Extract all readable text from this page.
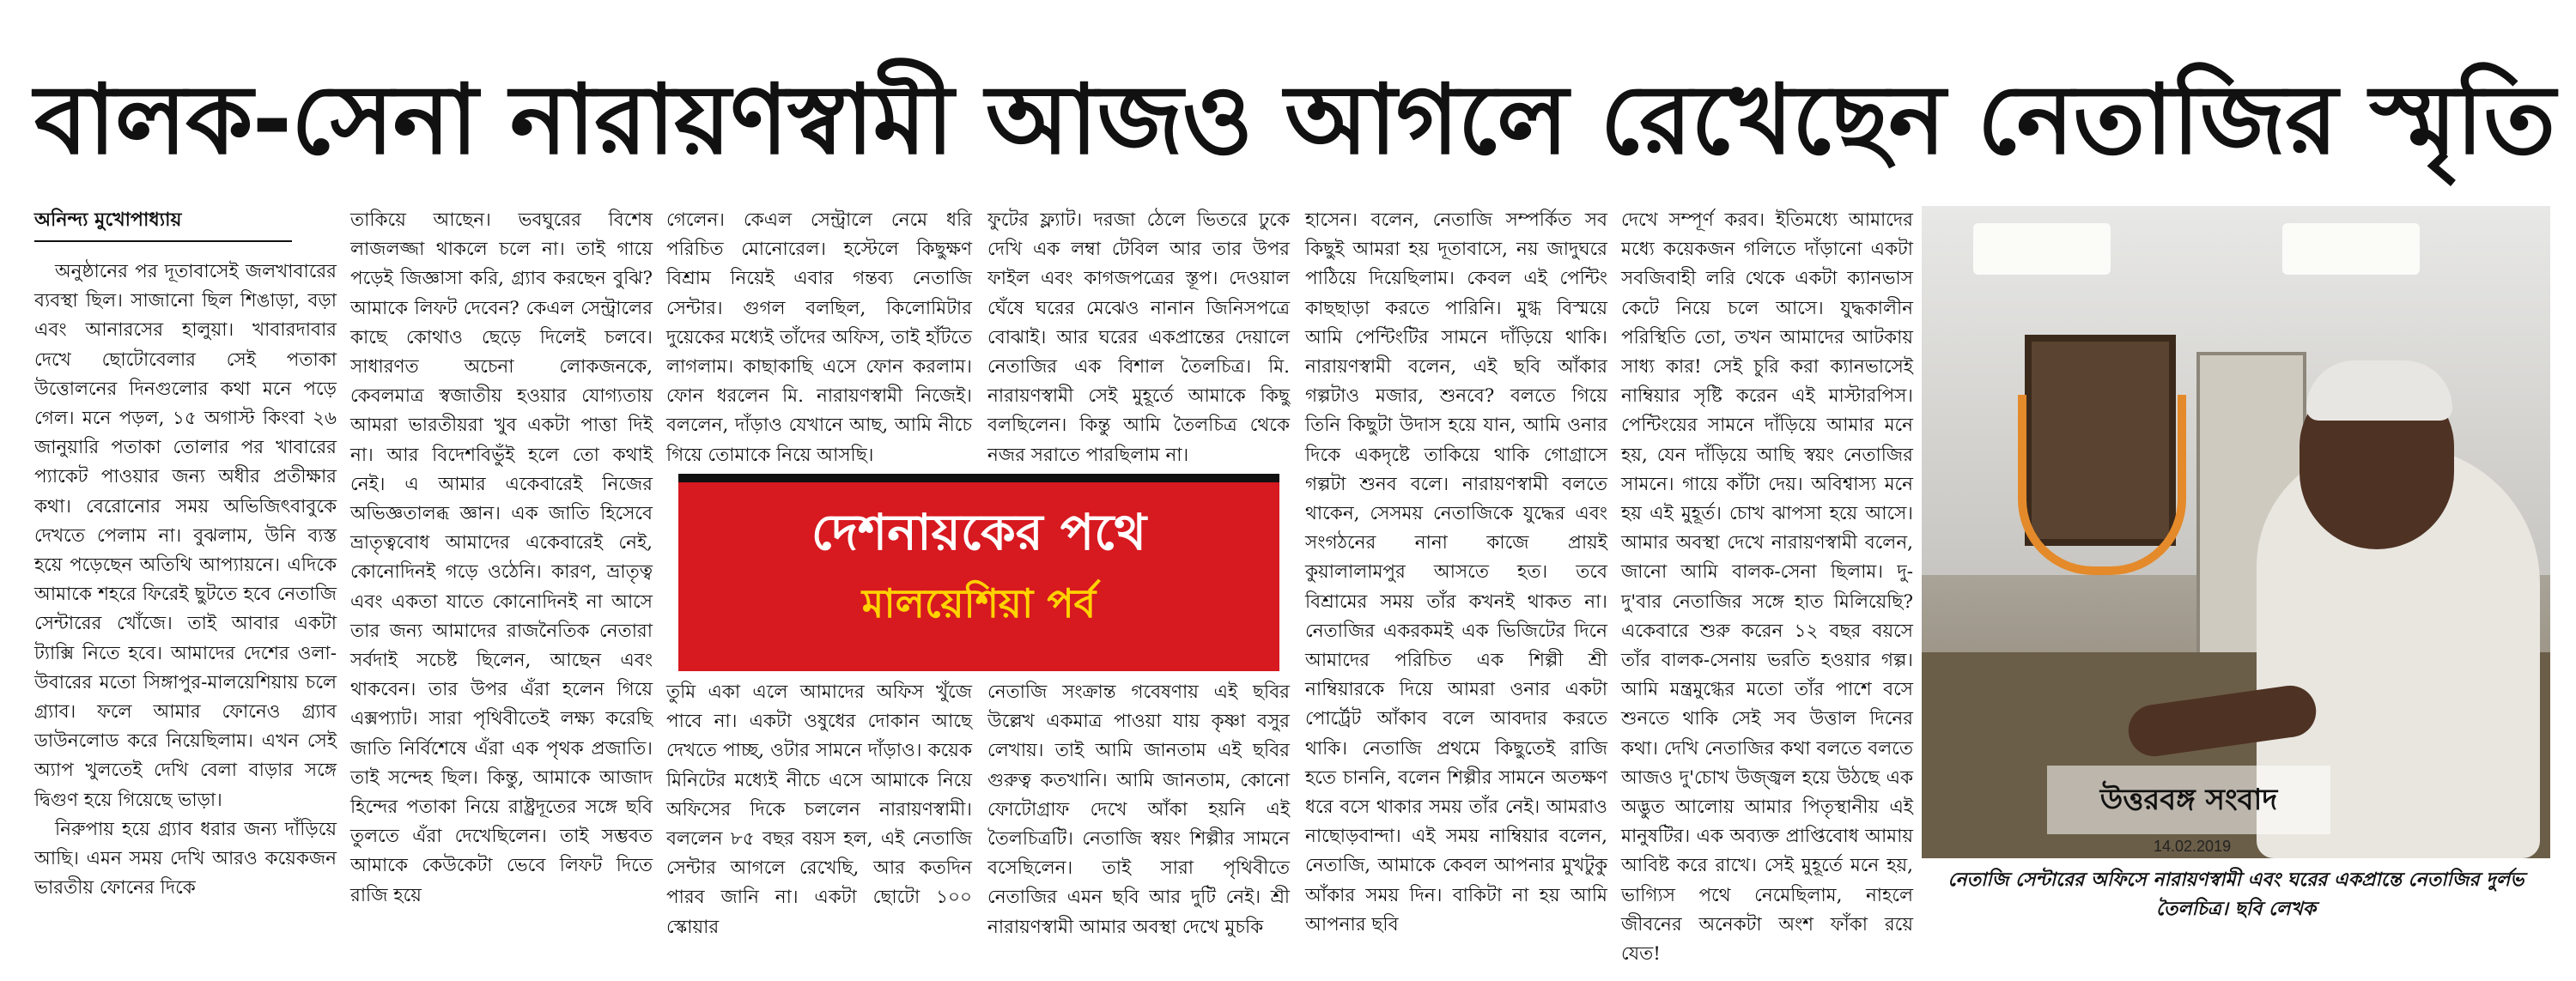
বালক-সেনা নারায়ণস্বামী আজও আগলে রেখেছেন নেতাজির স্মৃতি
অনিন্দ্য মুখোপাধ্যায়

অনুষ্ঠানের পর দূতাবাসেই জলখাবারের ব্যবস্থা ছিল। সাজানো ছিল শিঙাড়া, বড়া এবং আনারসের হালুয়া। খাবারদাবার দেখে ছোটোবেলার সেই পতাকা উত্তোলনের দিনগুলোর কথা মনে পড়ে গেল। মনে পড়ল, ১৫ অগাস্ট কিংবা ২৬ জানুয়ারি পতাকা তোলার পর খাবারের প্যাকেট পাওয়ার জন্য অধীর প্রতীক্ষার কথা। বেরোনোর সময় অভিজিৎবাবুকে দেখতে পেলাম না। বুঝলাম, উনি ব্যস্ত হয়ে পড়েছেন অতিথি আপ্যায়নে। এদিকে আমাকে শহরে ফিরেই ছুটতে হবে নেতাজি সেন্টারের খোঁজে। তাই আবার একটা ট্যাক্সি নিতে হবে। আমাদের দেশের ওলা-উবারের মতো সিঙ্গাপুর-মালয়েশিয়ায় চলে গ্র্যাব। ফলে আমার ফোনেও গ্র্যাব ডাউনলোড করে নিয়েছিলাম। এখন সেই অ্যাপ খুলতেই দেখি বেলা বাড়ার সঙ্গে দ্বিগুণ হয়ে গিয়েছে ভাড়া।

নিরুপায় হয়ে গ্র্যাব ধরার জন্য দাঁড়িয়ে আছি। এমন সময় দেখি আরও কয়েকজন ভারতীয় ফোনের দিকে

তাকিয়ে আছেন। ভবঘুরের বিশেষ লাজলজ্জা থাকলে চলে না। তাই গায়ে পড়েই জিজ্ঞাসা করি, গ্র্যাব করছেন বুঝি? আমাকে লিফট দেবেন? কেএল সেন্ট্রালের কাছে কোথাও ছেড়ে দিলেই চলবে। সাধারণত অচেনা লোকজনকে, কেবলমাত্র স্বজাতীয় হওয়ার যোগ্যতায় আমরা ভারতীয়রা খুব একটা পাত্তা দিই না। আর বিদেশবিভুঁই হলে তো কথাই নেই। এ আমার একেবারেই নিজের অভিজ্ঞতালব্ধ জ্ঞান। এক জাতি হিসেবে ভ্রাতৃত্ববোধ আমাদের একেবারেই নেই, কোনোদিনই গড়ে ওঠেনি। কারণ, ভ্রাতৃত্ব এবং একতা যাতে কোনোদিনই না আসে তার জন্য আমাদের রাজনৈতিক নেতারা সর্বদাই সচেষ্ট ছিলেন, আছেন এবং থাকবেন। তার উপর এঁরা হলেন গিয়ে এক্সপ্যাট। সারা পৃথিবীতেই লক্ষ্য করেছি জাতি নির্বিশেষে এঁরা এক পৃথক প্রজাতি। তাই সন্দেহ ছিল। কিন্তু, আমাকে আজাদ হিন্দের পতাকা নিয়ে রাষ্ট্রদূতের সঙ্গে ছবি তুলতে এঁরা দেখেছিলেন। তাই সম্ভবত আমাকে কেউকেটা ভেবে লিফট দিতে রাজি হয়ে

গেলেন। কেএল সেন্ট্রালে নেমে ধরি পরিচিত মোনোরেল। হস্টেলে কিছুক্ষণ বিশ্রাম নিয়েই এবার গন্তব্য নেতাজি সেন্টার। গুগল বলছিল, কিলোমিটার দুয়েকের মধ্যেই তাঁদের অফিস, তাই হাঁটতে লাগলাম। কাছাকাছি এসে ফোন করলাম। ফোন ধরলেন মি. নারায়ণস্বামী নিজেই। বললেন, দাঁড়াও যেখানে আছ, আমি নীচে গিয়ে তোমাকে নিয়ে আসছি।

ফুটের ফ্ল্যাট। দরজা ঠেলে ভিতরে ঢুকে দেখি এক লম্বা টেবিল আর তার উপর ফাইল এবং কাগজপত্রের স্তূপ। দেওয়াল ঘেঁষে ঘরের মেঝেও নানান জিনিসপত্রে বোঝাই। আর ঘরের একপ্রান্তের দেয়ালে নেতাজির এক বিশাল তৈলচিত্র। মি. নারায়ণস্বামী সেই মুহূর্তে আমাকে কিছু বলছিলেন। কিন্তু আমি তৈলচিত্র থেকে নজর সরাতে পারছিলাম না।

দেশনায়কের পথে
মালয়েশিয়া পর্ব

তুমি একা এলে আমাদের অফিস খুঁজে পাবে না। একটা ওষুধের দোকান আছে দেখতে পাচ্ছ, ওটার সামনে দাঁড়াও। কয়েক মিনিটের মধ্যেই নীচে এসে আমাকে নিয়ে অফিসের দিকে চললেন নারায়ণস্বামী। বললেন ৮৫ বছর বয়স হল, এই নেতাজি সেন্টার আগলে রেখেছি, আর কতদিন পারব জানি না। একটা ছোটো ১০০ স্কোয়ার

নেতাজি সংক্রান্ত গবেষণায় এই ছবির উল্লেখ একমাত্র পাওয়া যায় কৃষ্ণা বসুর লেখায়। তাই আমি জানতাম এই ছবির গুরুত্ব কতখানি। আমি জানতাম, কোনো ফোটোগ্রাফ দেখে আঁকা হয়নি এই তৈলচিত্রটি। নেতাজি স্বয়ং শিল্পীর সামনে বসেছিলেন। তাই সারা পৃথিবীতে নেতাজির এমন ছবি আর দুটি নেই। শ্রী নারায়ণস্বামী আমার অবস্থা দেখে মুচকি

হাসেন। বলেন, নেতাজি সম্পর্কিত সব কিছুই আমরা হয় দূতাবাসে, নয় জাদুঘরে পাঠিয়ে দিয়েছিলাম। কেবল এই পেন্টিং কাছছাড়া করতে পারিনি। মুগ্ধ বিস্ময়ে আমি পেন্টিংটির সামনে দাঁড়িয়ে থাকি। নারায়ণস্বামী বলেন, এই ছবি আঁকার গল্পটাও মজার, শুনবে? বলতে গিয়ে তিনি কিছুটা উদাস হয়ে যান, আমি ওনার দিকে একদৃষ্টে তাকিয়ে থাকি গোগ্রাসে গল্পটা শুনব বলে। নারায়ণস্বামী বলতে থাকেন, সেসময় নেতাজিকে যুদ্ধের এবং সংগঠনের নানা কাজে প্রায়ই কুয়ালালামপুর আসতে হত। তবে বিশ্রামের সময় তাঁর কখনই থাকত না। নেতাজির একরকমই এক ভিজিটের দিনে আমাদের পরিচিত এক শিল্পী শ্রী নাম্বিয়ারকে দিয়ে আমরা ওনার একটা পোর্ট্রেট আঁকাব বলে আবদার করতে থাকি। নেতাজি প্রথমে কিছুতেই রাজি হতে চাননি, বলেন শিল্পীর সামনে অতক্ষণ ধরে বসে থাকার সময় তাঁর নেই। আমরাও নাছোড়বান্দা। এই সময় নাম্বিয়ার বলেন, নেতাজি, আমাকে কেবল আপনার মুখটুকু আঁকার সময় দিন। বাকিটা না হয় আমি আপনার ছবি

দেখে সম্পূর্ণ করব। ইতিমধ্যে আমাদের মধ্যে কয়েকজন গলিতে দাঁড়ানো একটা সবজিবাহী লরি থেকে একটা ক্যানভাস কেটে নিয়ে চলে আসে। যুদ্ধকালীন পরিস্থিতি তো, তখন আমাদের আটকায় সাধ্য কার! সেই চুরি করা ক্যানভাসেই নাম্বিয়ার সৃষ্টি করেন এই মাস্টারপিস। পেন্টিংয়ের সামনে দাঁড়িয়ে আমার মনে হয়, যেন দাঁড়িয়ে আছি স্বয়ং নেতাজির সামনে। গায়ে কাঁটা দেয়। অবিশ্বাস্য মনে হয় এই মুহূর্ত। চোখ ঝাপসা হয়ে আসে। আমার অবস্থা দেখে নারায়ণস্বামী বলেন, জানো আমি বালক-সেনা ছিলাম। দু-দু'বার নেতাজির সঙ্গে হাত মিলিয়েছি? একেবারে শুরু করেন ১২ বছর বয়সে তাঁর বালক-সেনায় ভরতি হওয়ার গল্প। আমি মন্ত্রমুগ্ধের মতো তাঁর পাশে বসে শুনতে থাকি সেই সব উত্তাল দিনের কথা। দেখি নেতাজির কথা বলতে বলতে আজও দু'চোখ উজ্জ্বল হয়ে উঠছে এক অদ্ভুত আলোয় আমার পিতৃস্থানীয় এই মানুষটির। এক অব্যক্ত প্রাপ্তিবোধ আমায় আবিষ্ট করে রাখে। সেই মুহূর্তে মনে হয়, ভাগ্যিস পথে নেমেছিলাম, নাহলে জীবনের অনেকটা অংশ ফাঁকা রয়ে যেত!

উত্তরবঙ্গ সংবাদ
14.02.2019
নেতাজি সেন্টারের অফিসে নারায়ণস্বামী এবং ঘরের একপ্রান্তে নেতাজির দুর্লভ তৈলচিত্র। ছবি লেখক
